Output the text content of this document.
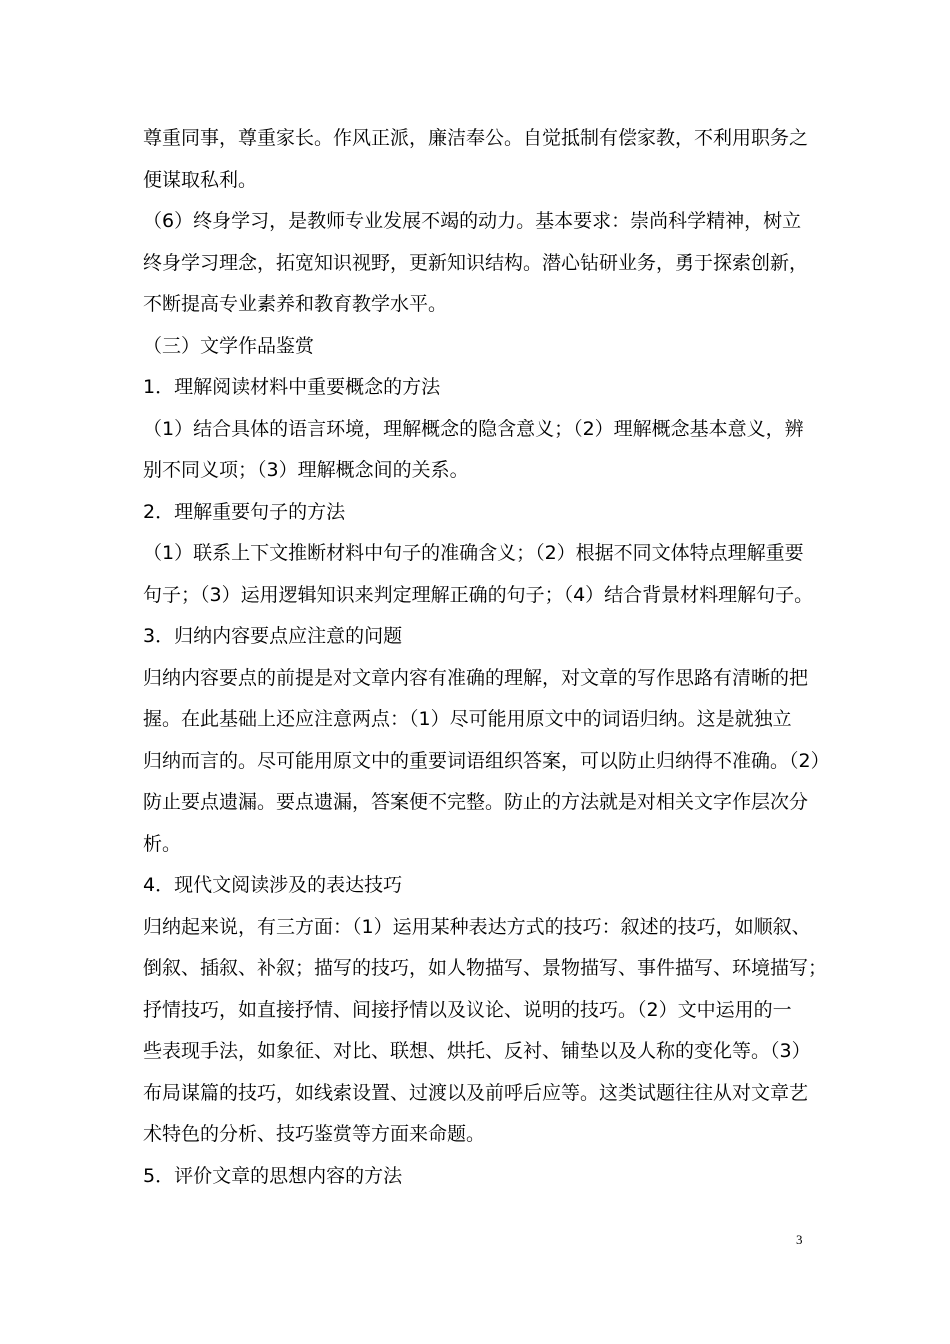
尊重同事，尊重家长。作风正派，廉洁奉公。自觉抵制有偿家教，不利用职务之
便谋取私利。
（6）终身学习，是教师专业发展不竭的动力。基本要求：崇尚科学精神，树立
终身学习理念，拓宽知识视野，更新知识结构。潜心钻研业务，勇于探索创新，
不断提高专业素养和教育教学水平。
（三）文学作品鉴赏
1．理解阅读材料中重要概念的方法
（1）结合具体的语言环境，理解概念的隐含意义；（2）理解概念基本意义，辨
别不同义项；（3）理解概念间的关系。
2．理解重要句子的方法
（1）联系上下文推断材料中句子的准确含义；（2）根据不同文体特点理解重要
句子；（3）运用逻辑知识来判定理解正确的句子；（4）结合背景材料理解句子。
3．归纳内容要点应注意的问题
归纳内容要点的前提是对文章内容有准确的理解，对文章的写作思路有清晰的把
握。在此基础上还应注意两点：（1）尽可能用原文中的词语归纳。这是就独立
归纳而言的。尽可能用原文中的重要词语组织答案，可以防止归纳得不准确。（2）
防止要点遗漏。要点遗漏，答案便不完整。防止的方法就是对相关文字作层次分
析。
4．现代文阅读涉及的表达技巧
归纳起来说，有三方面：（1）运用某种表达方式的技巧：叙述的技巧，如顺叙、
倒叙、插叙、补叙；描写的技巧，如人物描写、景物描写、事件描写、环境描写；
抒情技巧，如直接抒情、间接抒情以及议论、说明的技巧。（2）文中运用的一
些表现手法，如象征、对比、联想、烘托、反衬、铺垫以及人称的变化等。（3）
布局谋篇的技巧，如线索设置、过渡以及前呼后应等。这类试题往往从对文章艺
术特色的分析、技巧鉴赏等方面来命题。
5．评价文章的思想内容的方法
3
